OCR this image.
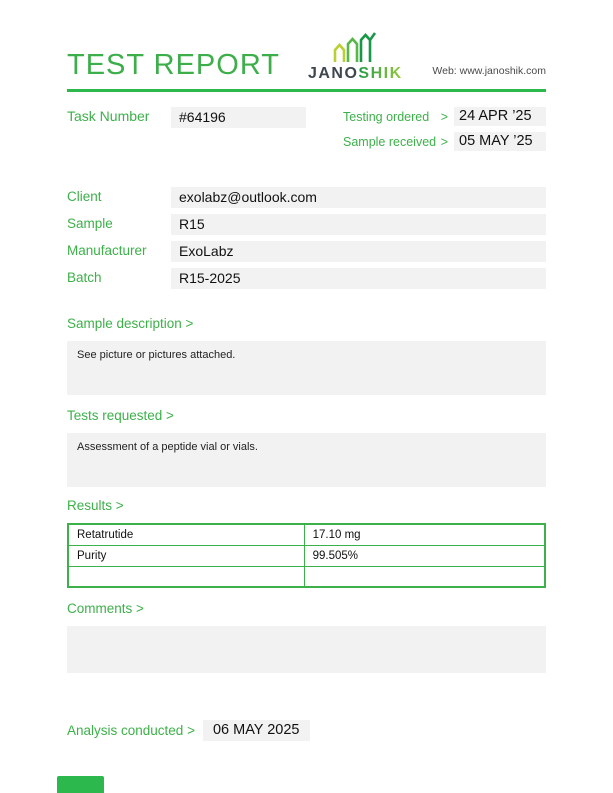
TEST REPORT JANOSHIK	Web: www.janoshik.com
Task Number	#64196	Testing ordered > 24 APR ’25
Sample received > 05 MAY ’25
Client	exolabz@outlook.com
Sample	R15
Manufacturer	ExoLabz
Batch	R15-2025
Sample description >
See picture or pictures attached.
Tests requested >
Assessment of a peptide vial or vials.
Results >
Retatrutide	17.10 mg
Purity	99.505%

Comments >
Analysis conducted >	06 MAY 2025
